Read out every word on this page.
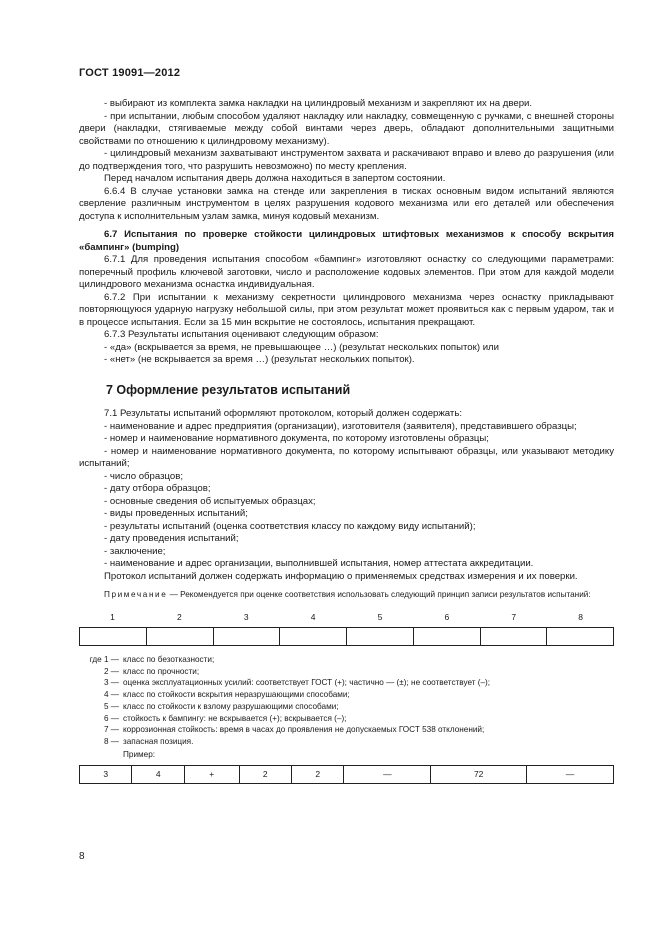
ГОСТ 19091—2012

- выбирают из комплекта замка накладки на цилиндровый механизм и закрепляют их на двери.

- при испытании, любым способом удаляют накладку или накладку, совмещенную с ручками, с внешней стороны двери (накладки, стягиваемые между собой винтами через дверь, обладают дополнительными защитными свойствами по отношению к цилиндровому механизму).

- цилиндровый механизм захватывают инструментом захвата и раскачивают вправо и влево до разрушения (или до подтверждения того, что разрушить невозможно) по месту крепления.

Перед началом испытания дверь должна находиться в запертом состоянии.

6.6.4 В случае установки замка на стенде или закрепления в тисках основным видом испытаний являются сверление различным инструментом в целях разрушения кодового механизма или его деталей или обеспечения доступа к исполнительным узлам замка, минуя кодовый механизм.

6.7 Испытания по проверке стойкости цилиндровых штифтовых механизмов к способу вскрытия «бампинг» (bumping)

6.7.1 Для проведения испытания способом «бампинг» изготовляют оснастку со следующими параметрами: поперечный профиль ключевой заготовки, число и расположение кодовых элементов. При этом для каждой модели цилиндрового механизма оснастка индивидуальная.

6.7.2 При испытании к механизму секретности цилиндрового механизма через оснастку прикладывают повторяющуюся ударную нагрузку небольшой силы, при этом результат может проявиться как с первым ударом, так и в процессе испытания. Если за 15 мин вскрытие не состоялось, испытания прекращают.

6.7.3 Результаты испытания оценивают следующим образом:

- «да» (вскрывается за время, не превышающее …) (результат нескольких попыток) или

- «нет» (не вскрывается за время …) (результат нескольких попыток).

7 Оформление результатов испытаний

7.1 Результаты испытаний оформляют протоколом, который должен содержать:

- наименование и адрес предприятия (организации), изготовителя (заявителя), представившего образцы;

- номер и наименование нормативного документа, по которому изготовлены образцы;

- номер и наименование нормативного документа, по которому испытывают образцы, или указывают методику испытаний;

- число образцов;

- дату отбора образцов;

- основные сведения об испытуемых образцах;

- виды проведенных испытаний;

- результаты испытаний (оценка соответствия классу по каждому виду испытаний);

- дату проведения испытаний;

- заключение;

- наименование и адрес организации, выполнившей испытания, номер аттестата аккредитации.

Протокол испытаний должен содержать информацию о применяемых средствах измерения и их поверки.

Примечание — Рекомендуется при оценке соответствия использовать следующий принцип записи результатов испытаний:

1	2	3	4	5	6	7	8

где 1 — класс по безотказности;
2 — класс по прочности;
3 — оценка эксплуатационных усилий: соответствует ГОСТ (+); частично — (±); не соответствует (–);
4 — класс по стойкости вскрытия неразрушающими способами;
5 — класс по стойкости к взлому разрушающими способами;
6 — стойкость к бампингу: не вскрывается (+); вскрывается (–);
7 — коррозионная стойкость: время в часах до проявления не допускаемых ГОСТ 538 отклонений;
8 — запасная позиция.
Пример:
3	4	+	2	2	—	72	—
8
